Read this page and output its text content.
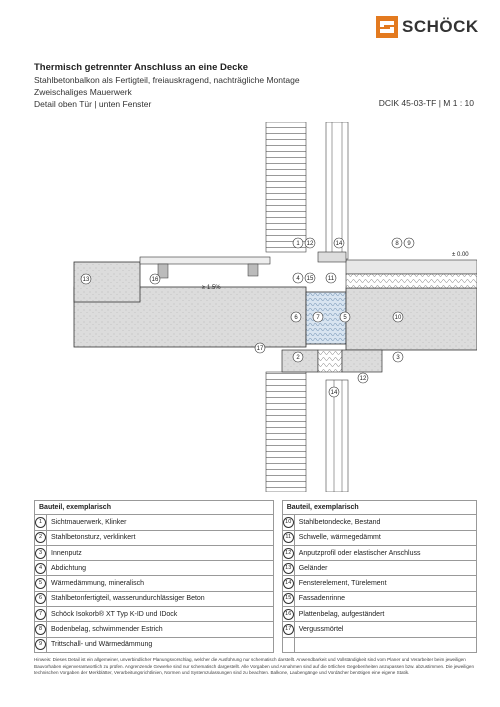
SCHÖCK
Thermisch getrennter Anschluss an eine Decke
Stahlbetonbalkon als Fertigteil, freiauskragend, nachträgliche Montage
Zweischaliges Mauerwerk
Detail oben Tür | unten Fenster	DCIK 45-03-TF | M 1 : 10
≥ 1.5%
± 0.00
13	16
1 12	14	8 9
4 15 11
6	7	5	10
17
2	3
12
14
Bauteil, exemplarisch			Bauteil, exemplarisch	
1	Sichtmauerwerk, Klinker		10	Stahlbetondecke, Bestand
2	Stahlbetonsturz, verklinkert		11	Schwelle, wärmegedämmt
3	Innenputz		12	Anputzprofil oder elastischer Anschluss
4	Abdichtung		13	Geländer
5	Wärmedämmung, mineralisch		14	Fensterelement, Türelement
6	Stahlbetonfertigteil, wasserundurchlässiger Beton		15	Fassadenrinne
7	Schöck Isokorb® XT Typ K-ID und IDock		16	Plattenbelag, aufgeständert
8	Bodenbelag, schwimmender Estrich		17	Vergussmörtel
9	Trittschall- und Wärmedämmung			
Hinweis: Dieses Detail ist ein allgemeiner, unverbindlicher Planungsvorschlag, welcher die Ausführung nur schematisch darstellt. Anwendbarkeit und Vollständigkeit sind vom Planer und Verarbeiter beim jeweiligen Bauvorhaben eigenverantwortlich zu prüfen. Angrenzende Gewerke sind nur schematisch dargestellt. Alle Vorgaben und Annahmen sind auf die örtlichen Gegebenheiten anzupassen bzw. abzustimmen. Die jeweiligen technischen Vorgaben der Merkblätter, Verarbeitungsrichtlinien, Normen und Systemzulassungen sind zu beachten. Balkone, Laubengänge und Vordächer benötigen eine eigene Statik.
